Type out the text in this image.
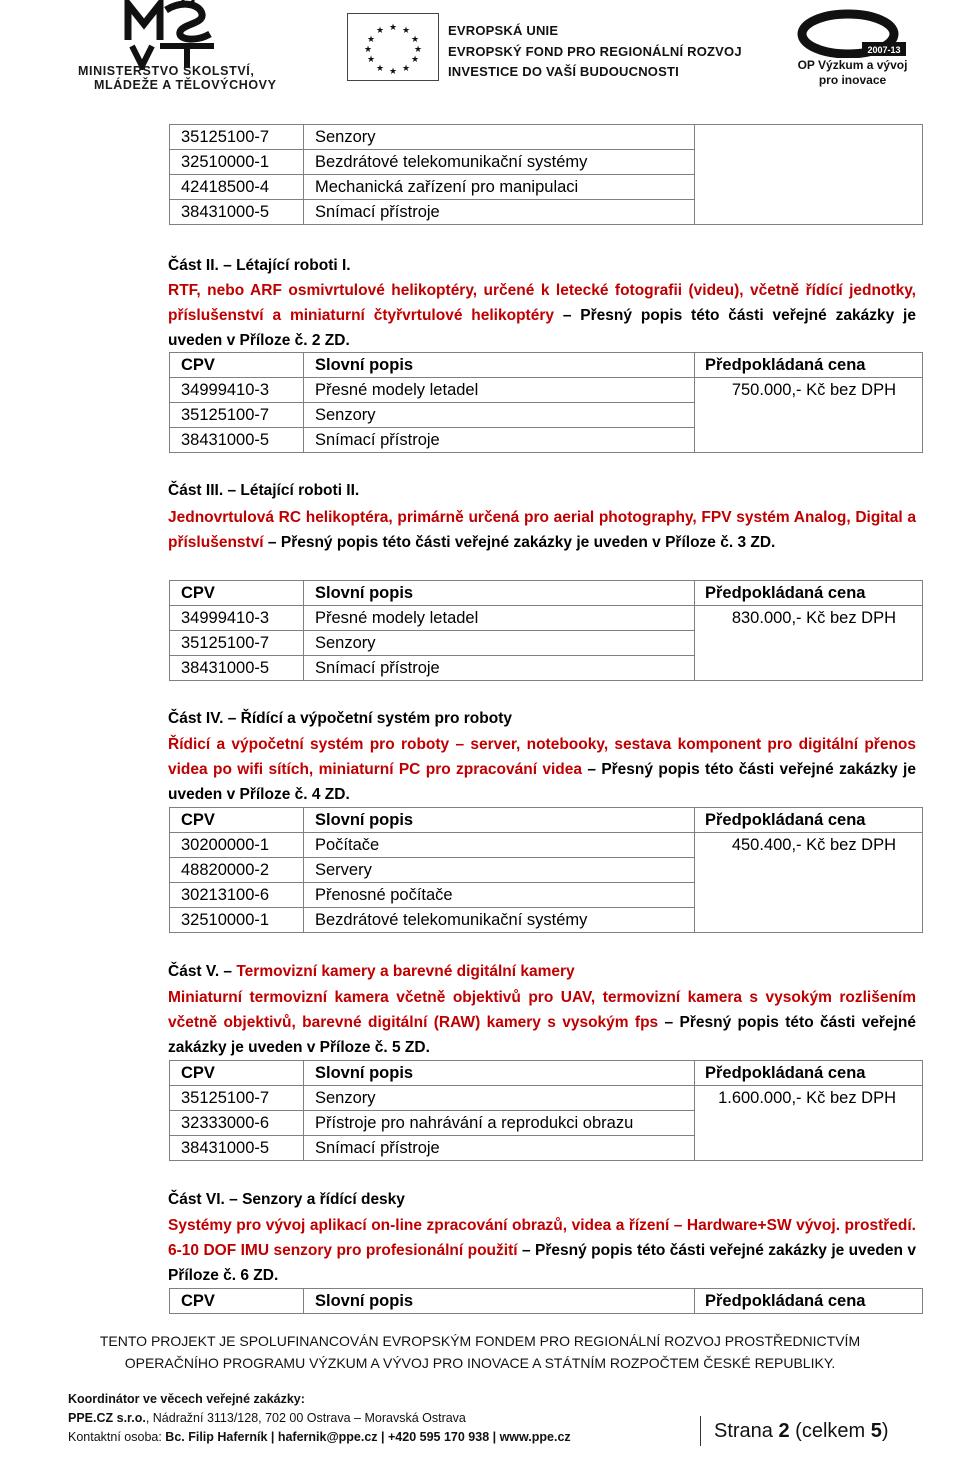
MINISTERSTVO ŠKOLSTVÍ,
MLÁDEŽE A TĚLOVÝCHOVY
★ ★
★
★
★
★
★
★
★
★
★
★	EVROPSKÁ UNIE
EVROPSKÝ FOND PRO REGIONÁLNÍ ROZVOJ
INVESTICE DO VAŠÍ BUDOUCNOSTI
2007-13
OP Výzkum a vývoj
pro inovace
35125100-7	Senzory	
32510000-1	Bezdrátové telekomunikační systémy	
42418500-4	Mechanická zařízení pro manipulaci	
38431000-5	Snímací přístroje	
Část II. – Létající roboti I.
RTF, nebo ARF osmivrtulové helikoptéry, určené k letecké fotografii (videu), včetně řídící jednotky, příslušenství a miniaturní čtyřvrtulové helikoptéry – Přesný popis této části veřejné zakázky je uveden v Příloze č. 2 ZD.
CPV	Slovní popis	Předpokládaná cena
34999410-3	Přesné modely letadel	750.000,- Kč bez DPH
35125100-7	Senzory	
38431000-5	Snímací přístroje	
Část III. – Létající roboti II.
Jednovrtulová RC helikoptéra, primárně určená pro aerial photography, FPV systém Analog, Digital a příslušenství – Přesný popis této části veřejné zakázky je uveden v Příloze č. 3 ZD.
CPV	Slovní popis	Předpokládaná cena
34999410-3	Přesné modely letadel	830.000,- Kč bez DPH
35125100-7	Senzory	
38431000-5	Snímací přístroje	
Část IV. – Řídící a výpočetní systém pro roboty
Řídicí a výpočetní systém pro roboty – server, notebooky, sestava komponent pro digitální přenos videa po wifi sítích, miniaturní PC pro zpracování videa – Přesný popis této části veřejné zakázky je uveden v Příloze č. 4 ZD.
CPV	Slovní popis	Předpokládaná cena
30200000-1	Počítače	450.400,- Kč bez DPH
48820000-2	Servery	
30213100-6	Přenosné počítače	
32510000-1	Bezdrátové telekomunikační systémy	
Část V. – Termovizní kamery a barevné digitální kamery
Miniaturní termovizní kamera včetně objektivů pro UAV, termovizní kamera s vysokým rozlišením včetně objektivů, barevné digitální (RAW) kamery s vysokým fps – Přesný popis této části veřejné zakázky je uveden v Příloze č. 5 ZD.
CPV	Slovní popis	Předpokládaná cena
35125100-7	Senzory	1.600.000,- Kč bez DPH
32333000-6	Přístroje pro nahrávání a reprodukci obrazu	
38431000-5	Snímací přístroje	
Část VI. – Senzory a řídící desky
Systémy pro vývoj aplikací on-line zpracování obrazů, videa a řízení – Hardware+SW vývoj. prostředí. 6-10 DOF IMU senzory pro profesionální použití – Přesný popis této části veřejné zakázky je uveden v Příloze č. 6 ZD.
CPV	Slovní popis	Předpokládaná cena
TENTO PROJEKT JE SPOLUFINANCOVÁN EVROPSKÝM FONDEM PRO REGIONÁLNÍ ROZVOJ PROSTŘEDNICTVÍM
OPERAČNÍHO PROGRAMU VÝZKUM A VÝVOJ PRO INOVACE A STÁTNÍM ROZPOČTEM ČESKÉ REPUBLIKY.
Koordinátor ve věcech veřejné zakázky:
PPE.CZ s.r.o., Nádražní 3113/128, 702 00 Ostrava – Moravská Ostrava
Kontaktní osoba: Bc. Filip Haferník | hafernik@ppe.cz | +420 595 170 938 | www.ppe.cz	Strana 2 (celkem 5)
